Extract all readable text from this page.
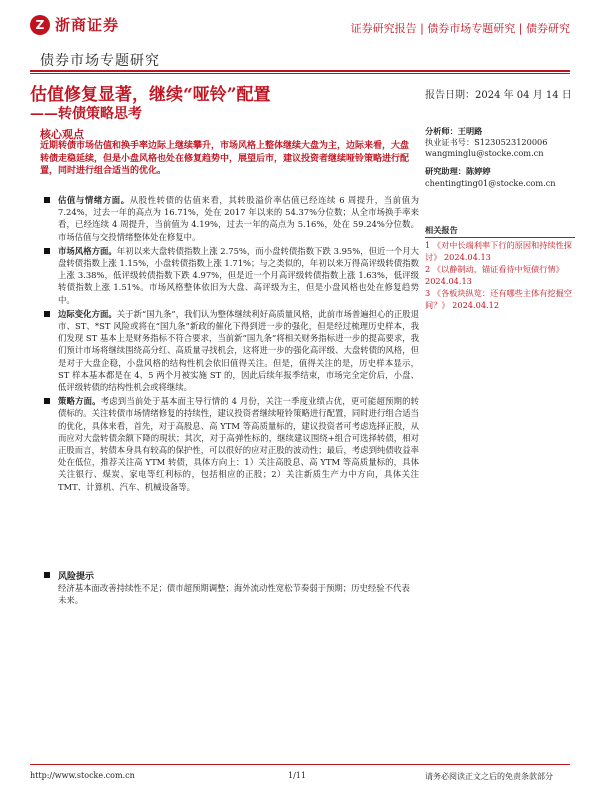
Z 浙商证券	证券研究报告 | 债券市场专题研究 | 债券研究
债券市场专题研究
估值修复显著，继续“哑铃”配置
——转债策略思考
报告日期：2024 年 04 月 14 日
核心观点
近期转债市场估值和换手率边际上继续攀升，市场风格上整体继续大盘为主，边际来看，大盘转债走稳延续，但是小盘风格也处在修复趋势中，展望后市，建议投资者继续哑铃策略进行配置，同时进行组合适当的优化。
估值与情绪方面。从股性转债的估值来看，其转股溢价率估值已经连续 6 周提升，当前值为 7.24%，过去一年的高点为 16.71%，处在 2017 年以来的 54.37%分位数；从全市场换手率来看，已经连续 4 周提升，当前值为 4.19%，过去一年的高点为 5.16%，处在 59.24%分位数。市场估值与交投情绪整体处在修复中。
市场风格方面。年初以来大盘转债指数上涨 2.75%，而小盘转债指数下跌 3.95%，但近一个月大盘转债指数上涨 1.15%，小盘转债指数上涨 1.71%；与之类似的，年初以来万得高评级转债指数上涨 3.38%，低评级转债指数下跌 4.97%，但是近一个月高评级转债指数上涨 1.63%，低评级转债指数上涨 1.51%。市场风格整体依旧为大盘、高评级为主，但是小盘风格也处在修复趋势中。
边际变化方面。关于新“国九条”，我们认为整体继续利好高质量风格，此前市场普遍担心的正股退市、ST、*ST 风险或将在“国九条”新政的催化下得到进一步的强化，但是经过梳理历史样本，我们发现 ST 基本上是财务指标不符合要求，当前新“国九条”将相关财务指标进一步的提高要求，我们预计市场将继续围绕高分红、高质量寻找机会，这将进一步的强化高评级、大盘转债的风格，但是对于大盘企稳，小盘风格的结构性机会依旧值得关注。但是，值得关注的是，历史样本显示，ST 样本基本都是在 4、5 两个月被实施 ST 的，因此后续年报季结束，市场完全定价后，小盘、低评级转债的结构性机会或将继续。
策略方面。考虑到当前处于基本面主导行情的 4 月份，关注一季度业绩占优，更可能超预期的转债标的。关注转债市场情绪修复的持续性，建议投资者继续哑铃策略进行配置，同时进行组合适当的优化，具体来看，首先，对于高股息、高 YTM 等高质量标的，建议投资者可考虑选择正股，从而应对大盘转债余额下降的現状；其次，对于高弹性标的，继续建议围绕+组合可选择转债，相对正股而言，转债本身具有较高的保护性，可以很好的应对正股的波动性；最后，考虑到纯债收益率处在低位，推荐关注高 YTM 转债，具体方向上：1）关注高股息、高 YTM 等高质量标的，具体关注银行、煤炭、家电等红利标的，包括相应的正股；2）关注新质生产力中方向，具体关注 TMT、计算机、汽车、机械设备等。
风险提示
经济基本面改善持续性不足；债市超预期调整；海外流动性宽松节奏弱于预期；历史经验不代表未来。
分析师：王明路
执业证书号：S1230523120006
wangminglu@stocke.com.cn
研究助理：陈婷婷
chentingting01@stocke.com.cn
相关报告
1 《对中长端利率下行的原因和持续性探讨》 2024.04.13
2 《以静制动，锚证看待中短债行情》 2024.04.13
3 《各板块纵览：还有哪些主体有挖掘空间？》 2024.04.12
http://www.stocke.com.cn	1/11	请务必阅读正文之后的免责条款部分
